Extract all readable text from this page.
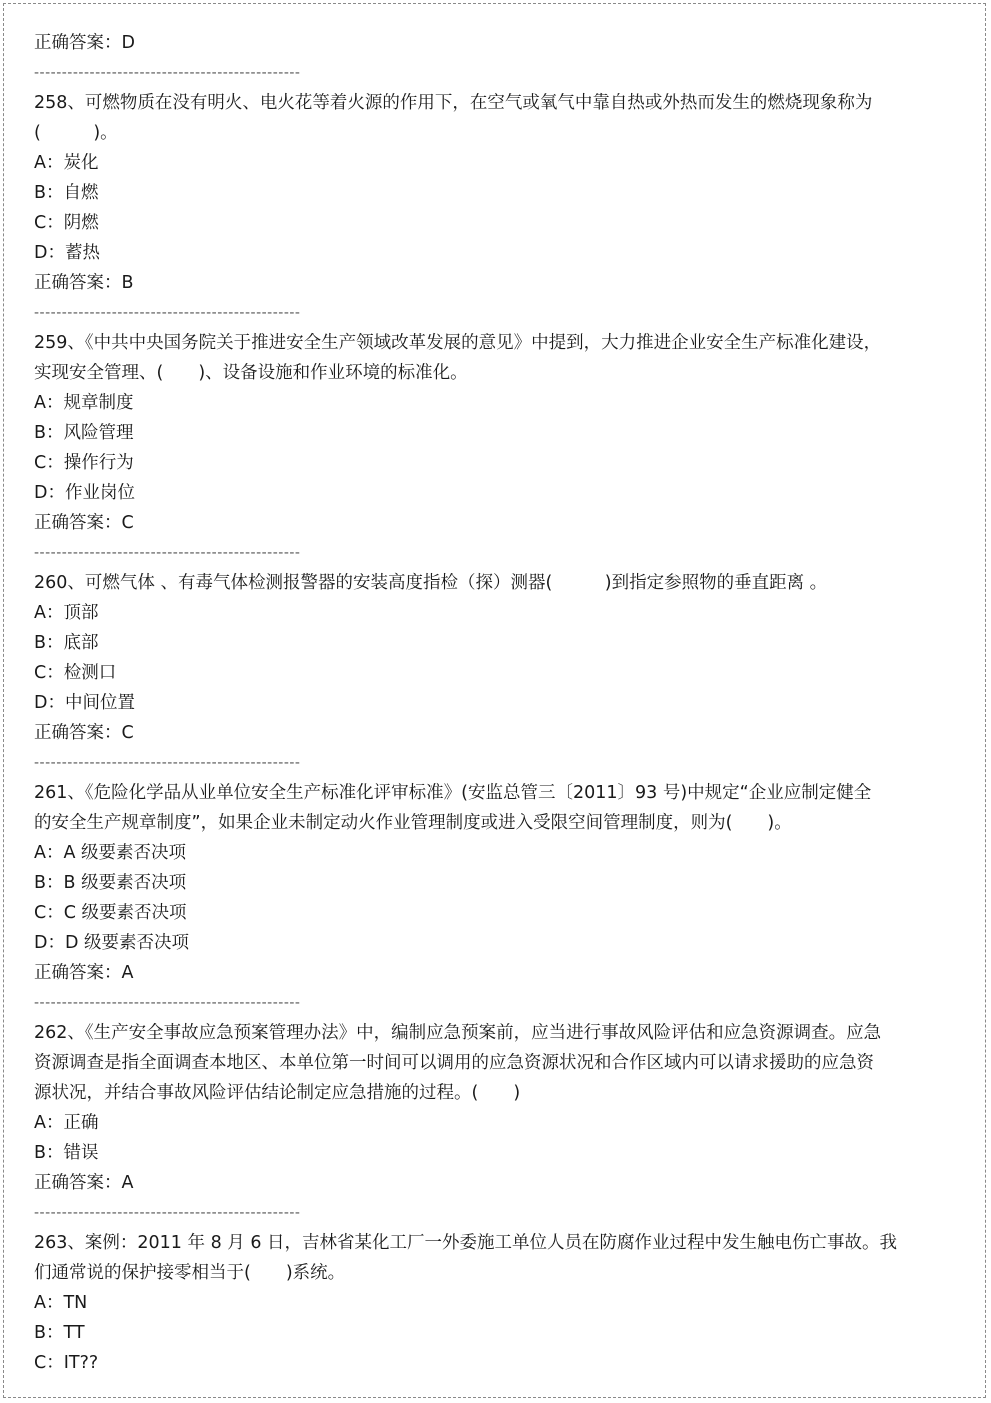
正确答案：D
------------------------------------------------
258、可燃物质在没有明火、电火花等着火源的作用下，在空气或氧气中靠自热或外热而发生的燃烧现象称为
(　　　)。
A：炭化
B：自燃
C：阴燃
D：蓄热
正确答案：B
------------------------------------------------
259、《中共中央国务院关于推进安全生产领域改革发展的意见》中提到，大力推进企业安全生产标准化建设，
实现安全管理、(　　)、设备设施和作业环境的标准化。
A：规章制度
B：风险管理
C：操作行为
D：作业岗位
正确答案：C
------------------------------------------------
260、可燃气体 、有毒气体检测报警器的安装高度指检（探）测器(　　　)到指定参照物的垂直距离 。
A：顶部
B：底部
C：检测口
D：中间位置
正确答案：C
------------------------------------------------
261、《危险化学品从业单位安全生产标准化评审标准》(安监总管三〔2011〕93 号)中规定“企业应制定健全
的安全生产规章制度”，如果企业未制定动火作业管理制度或进入受限空间管理制度，则为(　　)。
A：A 级要素否决项
B：B 级要素否决项
C：C 级要素否决项
D：D 级要素否决项
正确答案：A
------------------------------------------------
262、《生产安全事故应急预案管理办法》中，编制应急预案前，应当进行事故风险评估和应急资源调查。应急
资源调查是指全面调查本地区、本单位第一时间可以调用的应急资源状况和合作区域内可以请求援助的应急资
源状况，并结合事故风险评估结论制定应急措施的过程。(　　)
A：正确
B：错误
正确答案：A
------------------------------------------------
263、案例：2011 年 8 月 6 日，吉林省某化工厂一外委施工单位人员在防腐作业过程中发生触电伤亡事故。我
们通常说的保护接零相当于(　　)系统。
A：TN
B：TT
C：IT??
